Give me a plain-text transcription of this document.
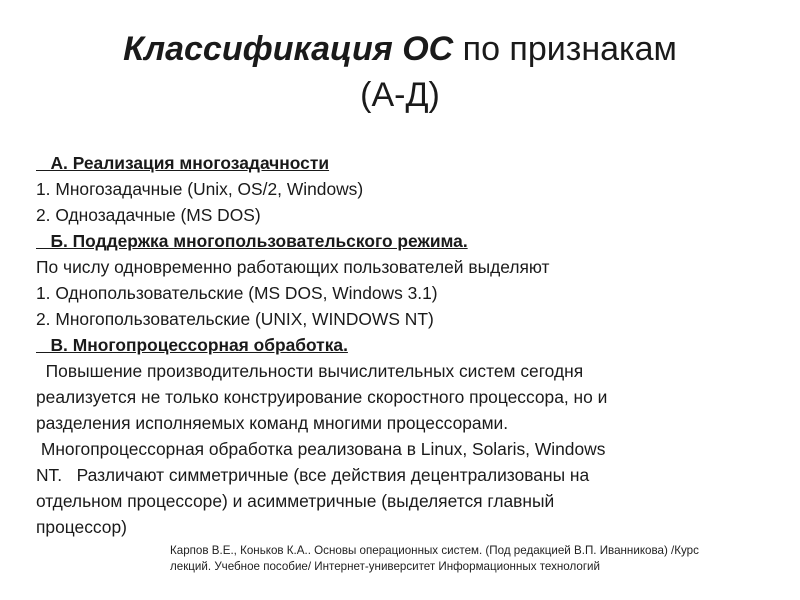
Классификация ОС по признакам
(А-Д)
А. Реализация многозадачности
1. Многозадачные (Unix, OS/2, Windows)
2. Однозадачные (MS DOS)
Б. Поддержка многопользовательского режима.
По числу одновременно работающих пользователей выделяют
1. Однопользовательские (MS DOS, Windows 3.1)
2. Многопользовательские (UNIX, WINDOWS NT)
В. Многопроцессорная обработка.
Повышение производительности вычислительных систем сегодня
реализуется не только конструирование скоростного процессора, но и
разделения исполняемых команд многими процессорами.
Многопроцессорная обработка реализована в Linux, Solaris, Windows
NT.   Различают симметричные (все действия децентрализованы на
отдельном процессоре) и асимметричные (выделяется главный
процессор)
Карпов В.Е., Коньков К.А.. Основы операционных систем. (Под редакцией В.П. Иванникова) /Курс
лекций. Учебное пособие/ Интернет-университет Информационных технологий
